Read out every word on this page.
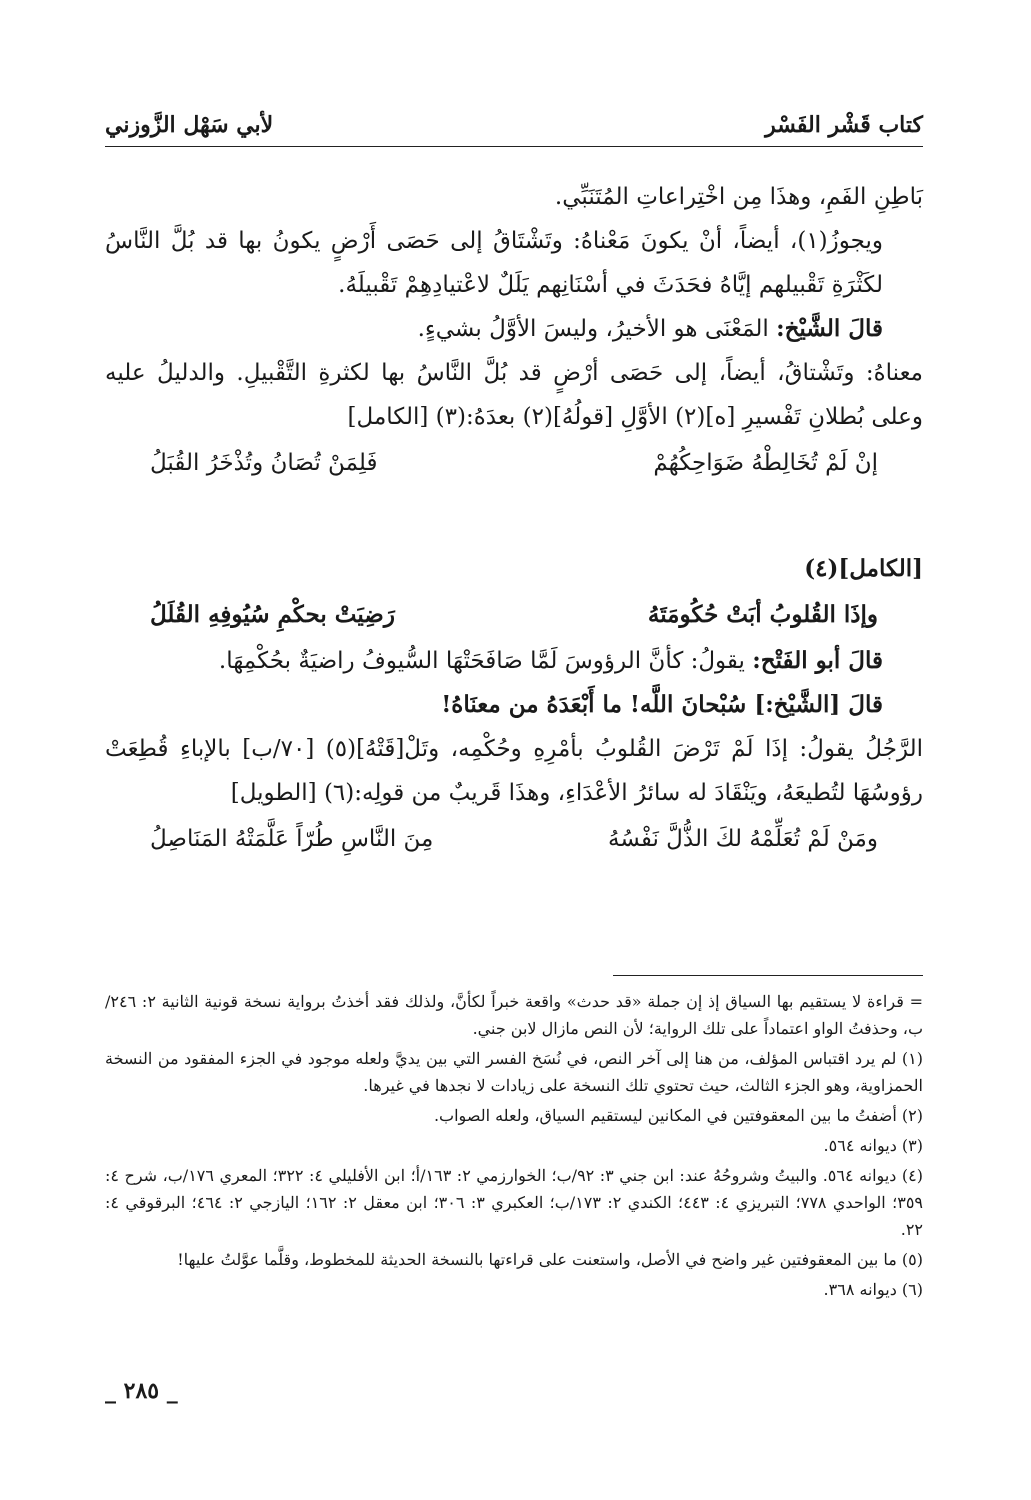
كتاب قَشْر الفَسْر
لأبي سَهْل الزَّوزني

بَاطِنِ الفَمِ، وهذَا مِن اخْتِراعاتِ المُتَنَبِّي.

ويجوزُ(١)، أيضاً، أنْ يكونَ مَعْناهُ: وتَشْتَاقُ إلى حَصَى أَرْضٍ يكونُ بها قد بُلَّ النَّاسُ لكَثْرَةِ تَقْبيلهم إيَّاهُ فحَدَثَ في أسْنَانِهم يَلَلٌ لاعْتيادِهِمْ تَقْبيلَهُ.

قالَ الشَّيْخ: المَعْنَى هو الأخيرُ، وليسَ الأوَّلُ بشيءٍ.

معناهُ: وتَشْتاقُ، أيضاً، إلى حَصَى أرْضٍ قد بُلَّ النَّاسُ بها لكثرةِ التَّقْبيلِ. والدليلُ عليه وعلى بُطلانِ تَفْسيرِ [ه](٢) الأوَّلِ [قولُهُ](٢) بعدَهُ:(٣) [الكامل]

إنْ لَمْ تُخَالِطْهُ ضَوَاحِكُهُمْ
فَلِمَنْ تُصَانُ وتُذْخَرُ القُبَلُ

[الكامل](٤)

وإذَا القُلوبُ أبَتْ حُكُومَتَهُ
رَضِيَتْ بحكْمِ سُيُوفِهِ القُلَلُ

قالَ أبو الفَتْح: يقولُ: كأنَّ الرؤوسَ لَمَّا صَافَحَتْهَا السُّيوفُ راضيَةٌ بحُكْمِهَا.

قالَ [الشَّيْخ:] سُبْحانَ اللَّه! ما أَبْعَدَهُ من معنَاهُ!

الرَّجُلُ يقولُ: إذَا لَمْ تَرْضَ القُلوبُ بأمْرِهِ وحُكْمِه، وتَلْ[قَتْهُ](٥) [٧٠/ب] بالإباءِ قُطِعَتْ رؤوسُهَا لتُطيعَهُ، ويَنْقَادَ له سائرُ الأعْدَاءِ، وهذَا قَريبٌ من قولِه:(٦) [الطويل]

ومَنْ لَمْ تُعَلِّمْهُ لكَ الذُّلَّ نَفْسُهُ
مِنَ النَّاسِ طُرّاً عَلَّمَتْهُ المَنَاصِلُ

= قراءة لا يستقيم بها السياق إذ إن جملة «قد حدث» واقعة خبراً لكأنَّ، ولذلك فقد أخذتُ برواية نسخة قونية الثانية ٢: ٢٤٦/ب، وحذفتُ الواو اعتماداً على تلك الرواية؛ لأن النص مازال لابن جني.

(١) لم يرد اقتباس المؤلف، من هنا إلى آخر النص، في نُسَخ الفسر التي بين يديَّ ولعله موجود في الجزء المفقود من النسخة الحمزاوية، وهو الجزء الثالث، حيث تحتوي تلك النسخة على زيادات لا نجدها في غيرها.

(٢) أضفتُ ما بين المعقوفتين في المكانين ليستقيم السياق، ولعله الصواب.

(٣) ديوانه ٥٦٤.

(٤) ديوانه ٥٦٤. والبيتُ وشروحُهُ عند: ابن جني ٣: ٩٢/ب؛ الخوارزمي ٢: ١٦٣/أ؛ ابن الأفليلي ٤: ٣٢٢؛ المعري ١٧٦/ب، شرح ٤: ٣٥٩؛ الواحدي ٧٧٨؛ التبريزي ٤: ٤٤٣؛ الكندي ٢: ١٧٣/ب؛ العكبري ٣: ٣٠٦؛ ابن معقل ٢: ١٦٢؛ اليازجي ٢: ٤٦٤؛ البرقوقي ٤: ٢٢.

(٥) ما بين المعقوفتين غير واضح في الأصل، واستعنت على قراءتها بالنسخة الحديثة للمخطوط، وقلَّما عوَّلتُ عليها!

(٦) ديوانه ٣٦٨.

_ ٢٨٥ _
